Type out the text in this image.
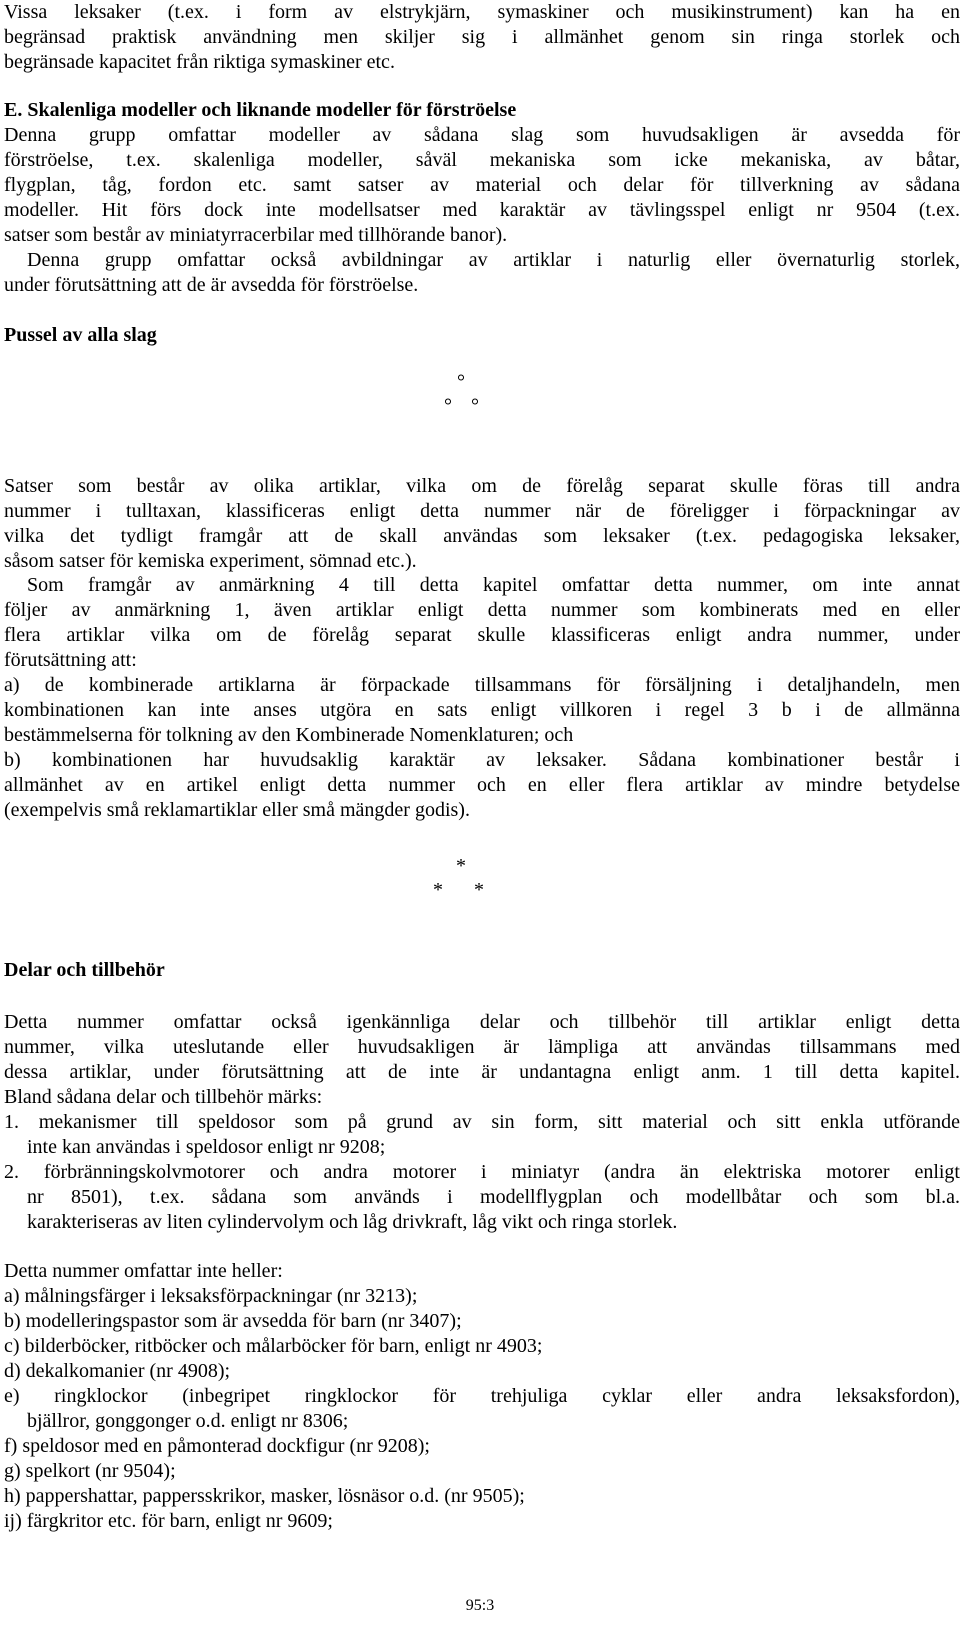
Vissa leksaker (t.ex. i form av elstrykjärn, symaskiner och musikinstrument) kan ha en
begränsad praktisk användning men skiljer sig i allmänhet genom sin ringa storlek och
begränsade kapacitet från riktiga symaskiner etc.
E. Skalenliga modeller och liknande modeller för förströelse
Denna grupp omfattar modeller av sådana slag som huvudsakligen är avsedda för
förströelse, t.ex. skalenliga modeller, såväl mekaniska som icke mekaniska, av båtar,
flygplan, tåg, fordon etc. samt satser av material och delar för tillverkning av sådana
modeller. Hit förs dock inte modellsatser med karaktär av tävlingsspel enligt nr 9504 (t.ex.
satser som består av miniatyrracerbilar med tillhörande banor).
Denna grupp omfattar också avbildningar av artiklar i naturlig eller övernaturlig storlek,
under förutsättning att de är avsedda för förströelse.
Pussel av alla slag
Satser som består av olika artiklar, vilka om de förelåg separat skulle föras till andra
nummer i tulltaxan, klassificeras enligt detta nummer när de föreligger i förpackningar av
vilka det tydligt framgår att de skall användas som leksaker (t.ex. pedagogiska leksaker,
såsom satser för kemiska experiment, sömnad etc.).
Som framgår av anmärkning 4 till detta kapitel omfattar detta nummer, om inte annat
följer av anmärkning 1, även artiklar enligt detta nummer som kombinerats med en eller
flera artiklar vilka om de förelåg separat skulle klassificeras enligt andra nummer, under
förutsättning att:
a) de kombinerade artiklarna är förpackade tillsammans för försäljning i detaljhandeln, men
kombinationen kan inte anses utgöra en sats enligt villkoren i regel 3 b i de allmänna
bestämmelserna för tolkning av den Kombinerade Nomenklaturen; och
b) kombinationen har huvudsaklig karaktär av leksaker. Sådana kombinationer består i
allmänhet av en artikel enligt detta nummer och en eller flera artiklar av mindre betydelse
(exempelvis små reklamartiklar eller små mängder godis).
Delar och tillbehör
Detta nummer omfattar också igenkännliga delar och tillbehör till artiklar enligt detta
nummer, vilka uteslutande eller huvudsakligen är lämpliga att användas tillsammans med
dessa artiklar, under förutsättning att de inte är undantagna enligt anm. 1 till detta kapitel.
Bland sådana delar och tillbehör märks:
1. mekanismer till speldosor som på grund av sin form, sitt material och sitt enkla utförande
inte kan användas i speldosor enligt nr 9208;
2. förbränningskolvmotorer och andra motorer i miniatyr (andra än elektriska motorer enligt
nr 8501), t.ex. sådana som används i modellflygplan och modellbåtar och som bl.a.
karakteriseras av liten cylindervolym och låg drivkraft, låg vikt och ringa storlek.
Detta nummer omfattar inte heller:
a) målningsfärger i leksaksförpackningar (nr 3213);
b) modelleringspastor som är avsedda för barn (nr 3407);
c) bilderböcker, ritböcker och målarböcker för barn, enligt nr 4903;
d) dekalkomanier (nr 4908);
e) ringklockor (inbegripet ringklockor för trehjuliga cyklar eller andra leksaksfordon),
bjällror, gonggonger o.d. enligt nr 8306;
f) speldosor med en påmonterad dockfigur (nr 9208);
g) spelkort (nr 9504);
h) pappershattar, pappersskrikor, masker, lösnäsor o.d. (nr 9505);
ij) färgkritor etc. för barn, enligt nr 9609;
°
° °
*
* *
95:3
